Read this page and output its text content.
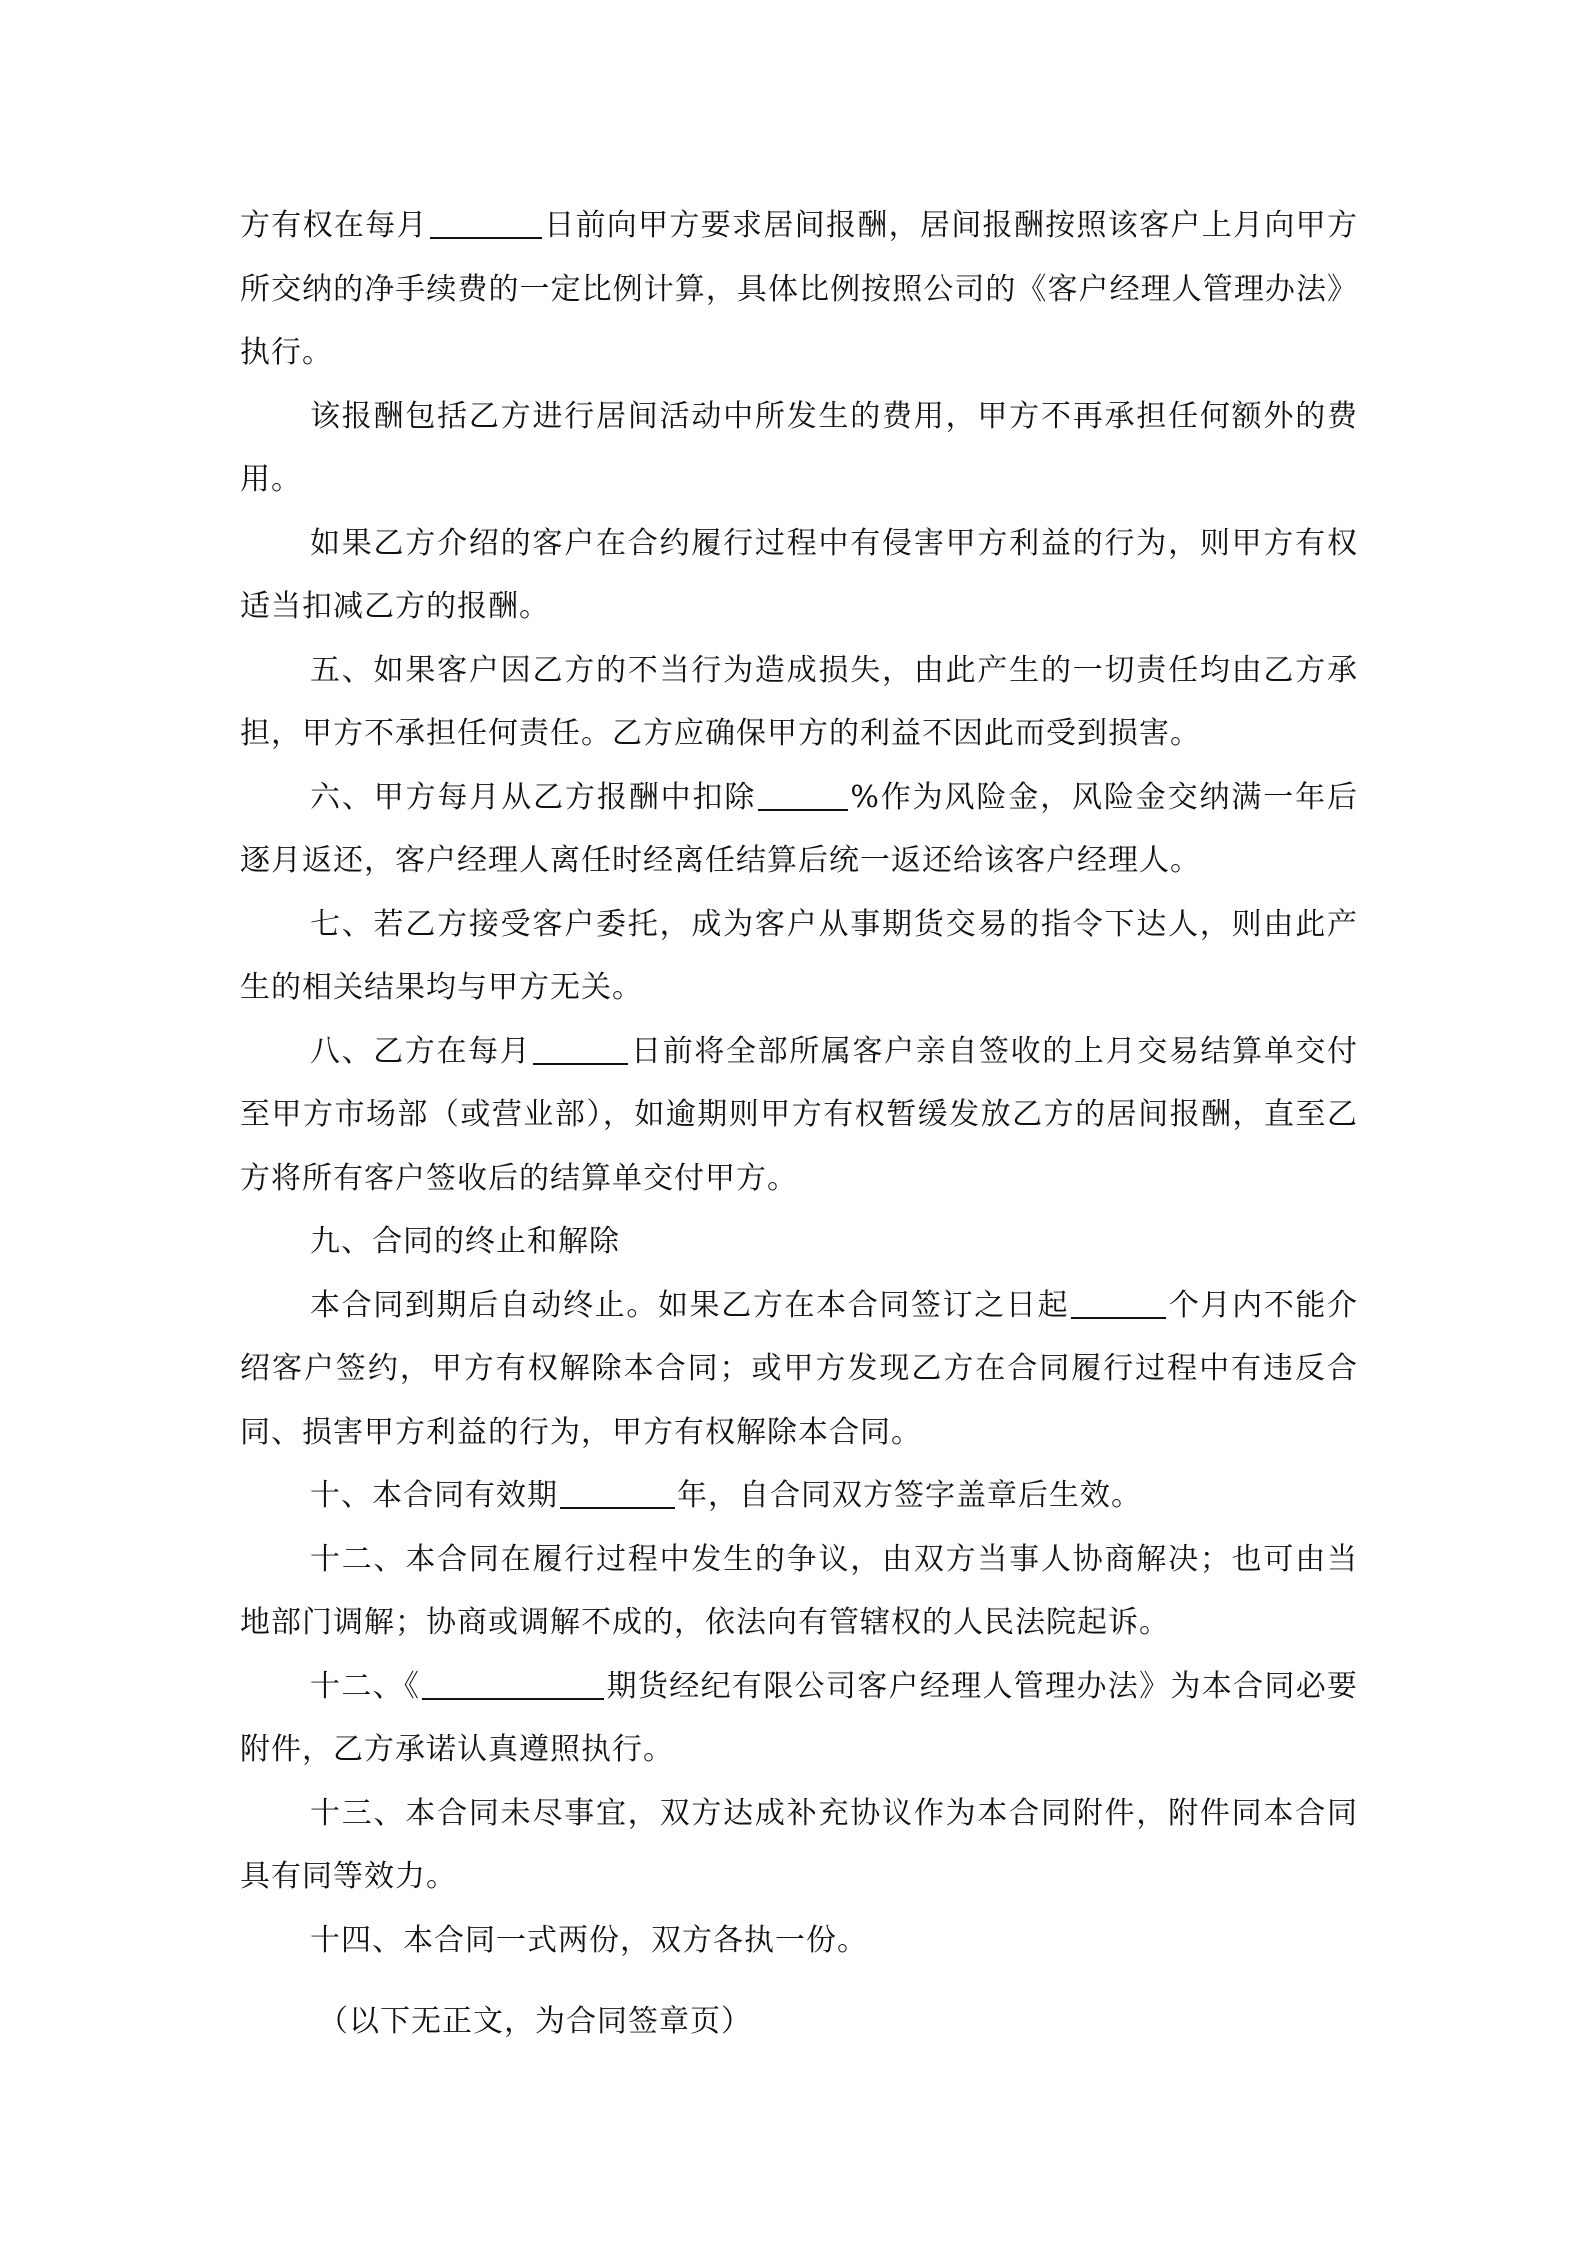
方有权在每月	日前向甲方要求居间报酬，居间报酬按照该客户上月向甲方所交纳的净手续费的一定比例计算，具体比例按照公司的《客户经理人管理办法》执行。

该报酬包括乙方进行居间活动中所发生的费用，甲方不再承担任何额外的费用。

如果乙方介绍的客户在合约履行过程中有侵害甲方利益的行为，则甲方有权适当扣减乙方的报酬。

五、如果客户因乙方的不当行为造成损失，由此产生的一切责任均由乙方承担，甲方不承担任何责任。乙方应确保甲方的利益不因此而受到损害。

六、甲方每月从乙方报酬中扣除	%作为风险金，风险金交纳满一年后逐月返还，客户经理人离任时经离任结算后统一返还给该客户经理人。

七、若乙方接受客户委托，成为客户从事期货交易的指令下达人，则由此产生的相关结果均与甲方无关。

八、乙方在每月	日前将全部所属客户亲自签收的上月交易结算单交付至甲方市场部（或营业部），如逾期则甲方有权暂缓发放乙方的居间报酬，直至乙方将所有客户签收后的结算单交付甲方。

九、合同的终止和解除

本合同到期后自动终止。如果乙方在本合同签订之日起	个月内不能介绍客户签约，甲方有权解除本合同；或甲方发现乙方在合同履行过程中有违反合同、损害甲方利益的行为，甲方有权解除本合同。

十、本合同有效期	年，自合同双方签字盖章后生效。

十二、本合同在履行过程中发生的争议，由双方当事人协商解决；也可由当地部门调解；协商或调解不成的，依法向有管辖权的人民法院起诉。

十二、《	期货经纪有限公司客户经理人管理办法》为本合同必要附件，乙方承诺认真遵照执行。

十三、本合同未尽事宜，双方达成补充协议作为本合同附件，附件同本合同具有同等效力。

十四、本合同一式两份，双方各执一份。

（以下无正文，为合同签章页）
